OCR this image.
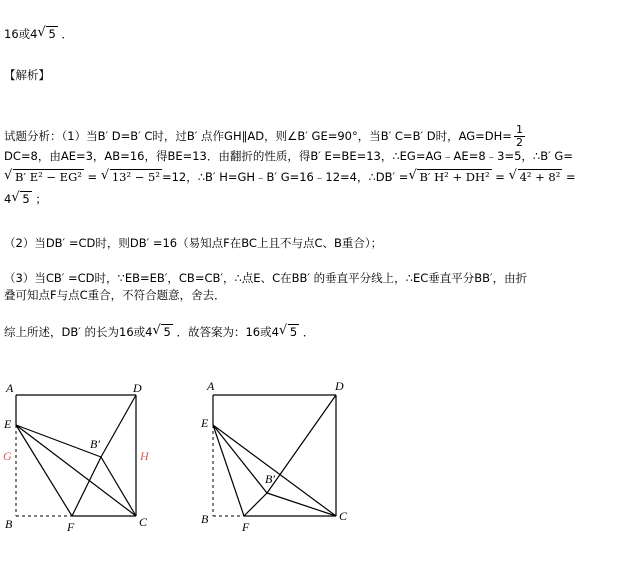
16或4 √ 5 ．
【解析】
试题分析：（1）当B′ D=B′ C时，过B′ 点作GH∥AD，则∠B′ GE=90°，当B′ C=B′ D时，$AG=DH= \frac{1}{2}$
DC=8，由AE=3，AB=16，得BE=13．由翻折的性质，得B′ E=BE=13，∴EG=AG﹣AE=8﹣3=5，∴B′ G=
√ B′ E² − EG² = √ 13² − 5² =12，∴B′ H=GH﹣B′ G=16﹣12=4，∴DB′ = √ B′ H² + DH² = √ 4² + 8² =
4 √ 5 ；
（2）当DB′ =CD时，则DB′ =16（易知点F在BC上且不与点C、B重合）；
（3）当CB′ =CD时，∵EB=EB′，CB=CB′，∴点E、C在BB′ 的垂直平分线上，∴EC垂直平分BB′，由折
叠可知点F与点C重合，不符合题意，舍去．
综上所述，DB′ 的长为16或4 √ 5 ．故答案为：16或4 √ 5 ．
A	D
E
G	H
B′
B	F	C
A	D
E
B′
B
F
C
